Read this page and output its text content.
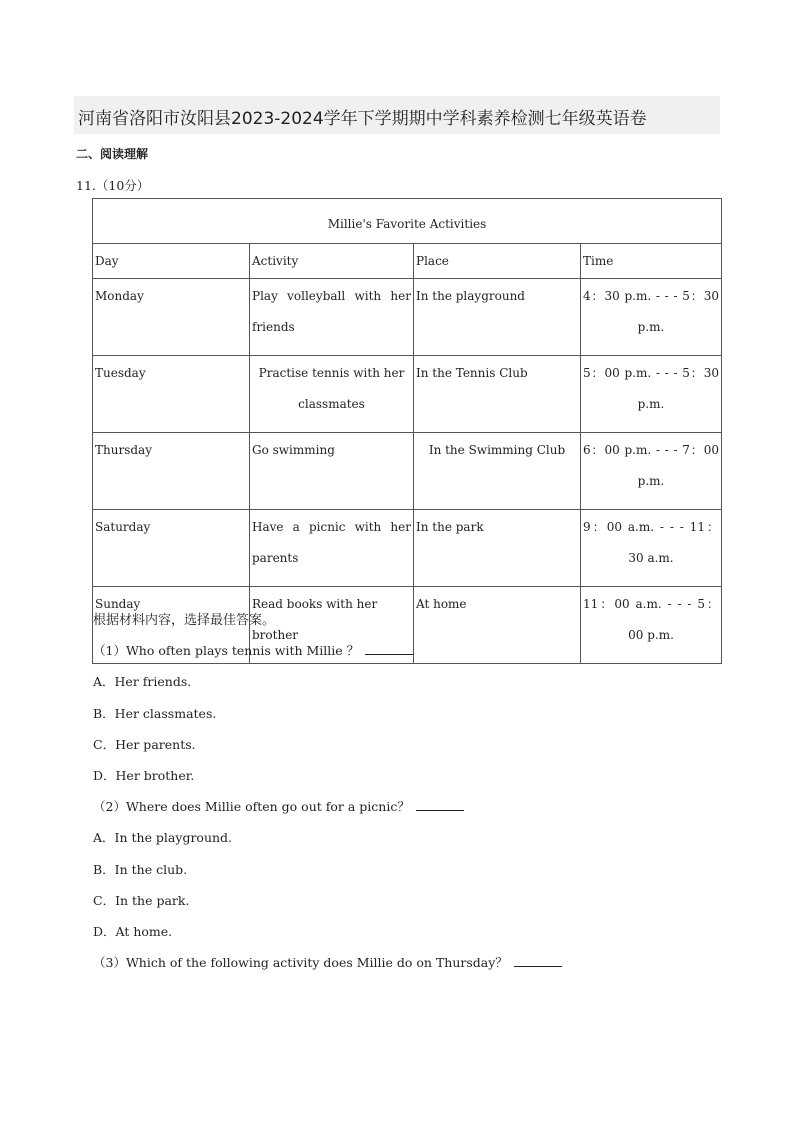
河南省洛阳市汝阳县2023-2024学年下学期期中学科素养检测七年级英语卷
二、阅读理解
11.（10分）
Millie's Favorite Activities			
Day	Activity	Place	Time

Monday	Play volleyball with her friends	In the playground	4：30 p.m. - - - 5：30
p.m.

Tuesday	Practise tennis with her classmates	In the Tennis Club	5：00 p.m. - - - 5：30
p.m.

Thursday	Go swimming	In the Swimming Club	6：00 p.m. - - - 7：00
p.m.

Saturday	Have a picnic with her parents	In the park	9：00 a.m. - - - 11：
30 a.m.

Sunday	Read books with her brother	At home	11：00 a.m. - - - 5：
00 p.m.
根据材料内容，选择最佳答案。
（1）Who often plays tennis with Millie ？
A．Her friends.
B．Her classmates.
C．Her parents.
D．Her brother.
（2）Where does Millie often go out for a picnic？
A．In the playground.
B．In the club.
C．In the park.
D．At home.
（3）Which of the following activity does Millie do on Thursday？
